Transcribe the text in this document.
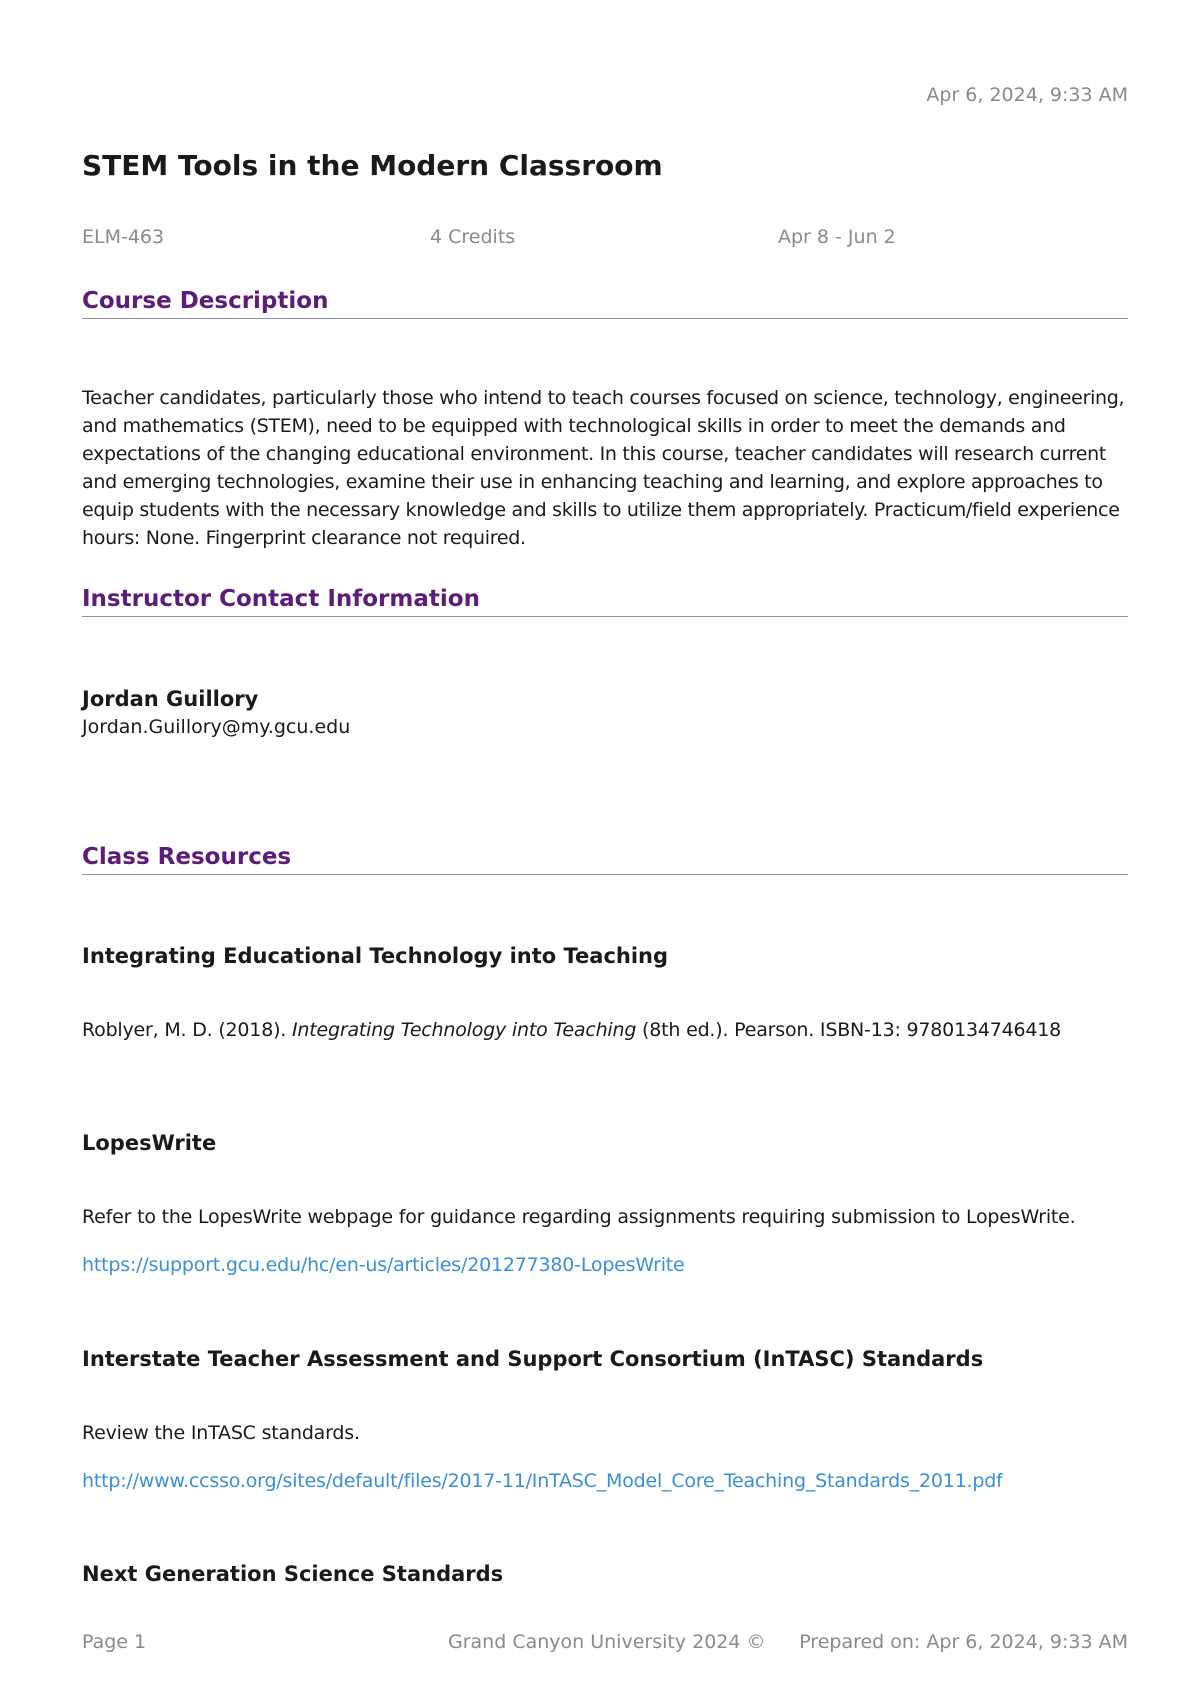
Apr 6, 2024, 9:33 AM
STEM Tools in the Modern Classroom
ELM-463	4 Credits	Apr 8 - Jun 2
Course Description

Teacher candidates, particularly those who intend to teach courses focused on science, technology, engineering, and mathematics (STEM), need to be equipped with technological skills in order to meet the demands and expectations of the changing educational environment. In this course, teacher candidates will research current and emerging technologies, examine their use in enhancing teaching and learning, and explore approaches to equip students with the necessary knowledge and skills to utilize them appropriately. Practicum/field experience hours: None. Fingerprint clearance not required.

Instructor Contact Information
Jordan Guillory
Jordan.Guillory@my.gcu.edu
Class Resources
Integrating Educational Technology into Teaching

Roblyer, M. D. (2018). Integrating Technology into Teaching (8th ed.). Pearson. ISBN-13: 9780134746418

LopesWrite

Refer to the LopesWrite webpage for guidance regarding assignments requiring submission to LopesWrite.

https://support.gcu.edu/hc/en-us/articles/201277380-LopesWrite
Interstate Teacher Assessment and Support Consortium (InTASC) Standards

Review the InTASC standards.

http://www.ccsso.org/sites/default/files/2017-11/InTASC_Model_Core_Teaching_Standards_2011.pdf
Next Generation Science Standards
Page 1	Grand Canyon University 2024 © Prepared on: Apr 6, 2024, 9:33 AM
